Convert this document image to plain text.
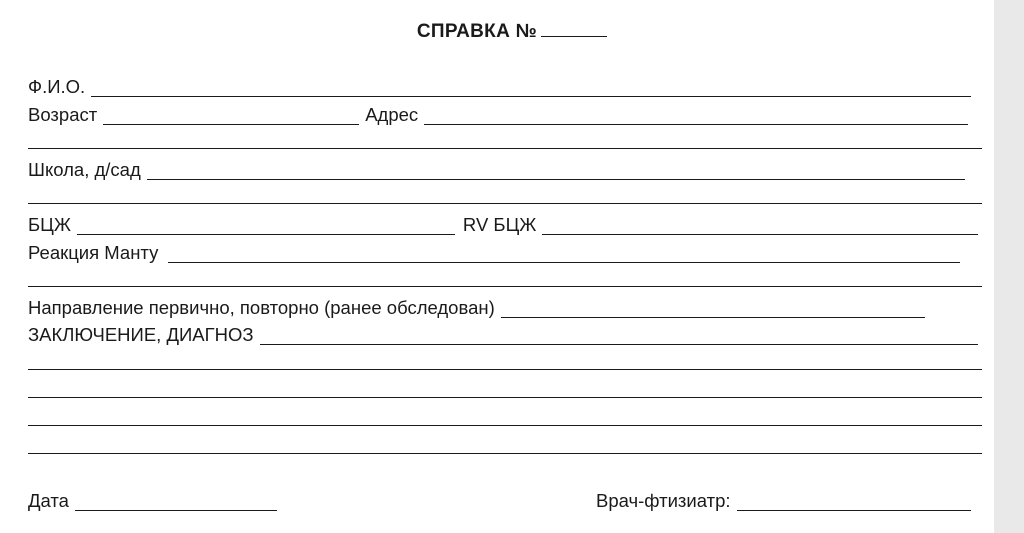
СПРАВКА №
Ф.И.О.
Возраст	Адрес
Школа, д/сад
БЦЖ	RV БЦЖ
Реакция Манту
Направление первично, повторно (ранее обследован)
ЗАКЛЮЧЕНИЕ, ДИАГНОЗ
Дата	Врач-фтизиатр:
